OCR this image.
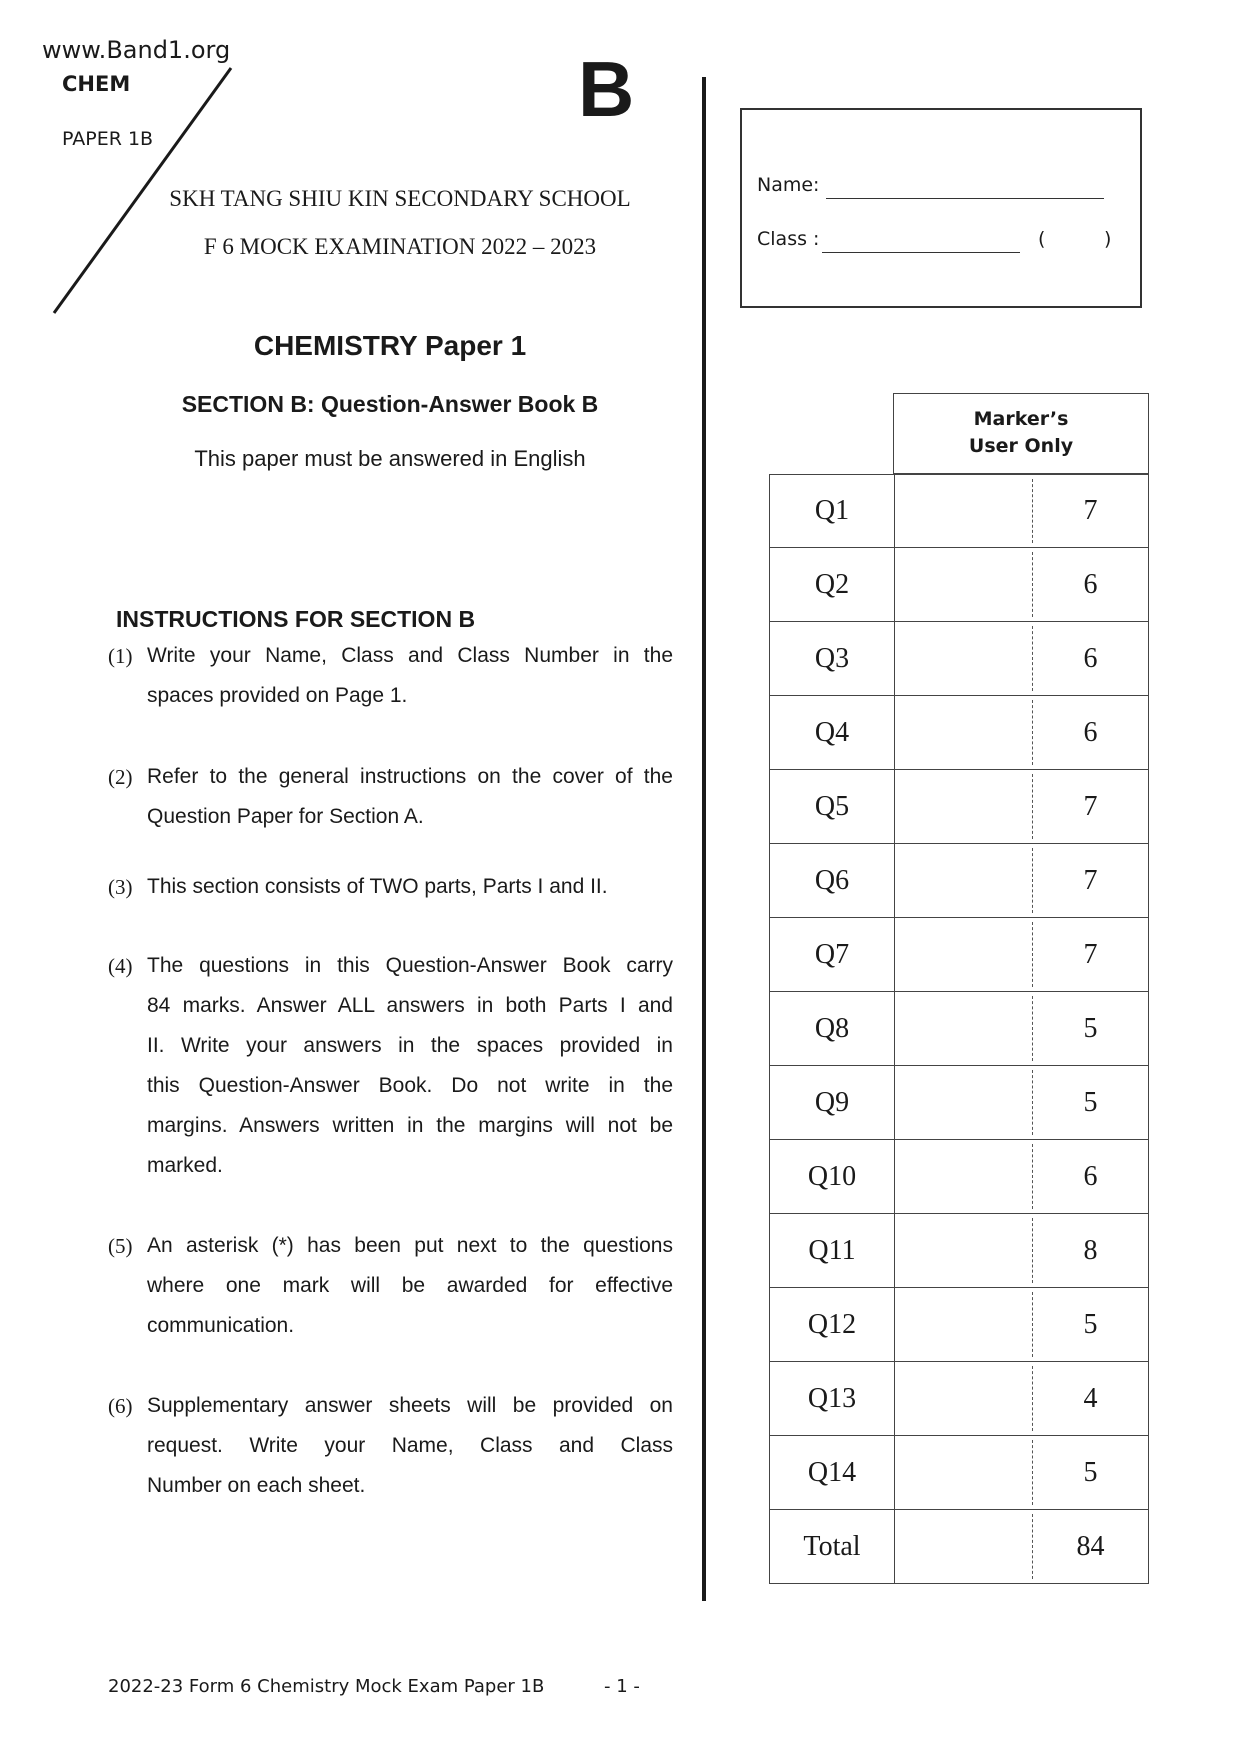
www.Band1.org
CHEM
PAPER 1B
B
SKH TANG SHIU KIN SECONDARY SCHOOL
F 6 MOCK EXAMINATION 2022 – 2023
CHEMISTRY Paper 1
SECTION B: Question-Answer Book B
This paper must be answered in English
Name:
Class :	(	)
Marker’s
User Only
Q1	7
Q2	6
Q3	6
Q4	6
Q5	7
Q6	7
Q7	7
Q8	5
Q9	5
Q10	6
Q11	8
Q12	5
Q13	4
Q14	5
Total	84
INSTRUCTIONS FOR SECTION B
(1) Write your Name, Class and Class Number in the
spaces provided on Page 1.
(2) Refer to the general instructions on the cover of the
Question Paper for Section A.
(3) This section consists of TWO parts, Parts I and II.
(4) The questions in this Question-Answer Book carry
84 marks. Answer ALL answers in both Parts I and
II. Write your answers in the spaces provided in
this Question-Answer Book. Do not write in the
margins. Answers written in the margins will not be
marked.
(5) An asterisk (*) has been put next to the questions
where one mark will be awarded for effective
communication.
(6) Supplementary answer sheets will be provided on
request. Write your Name, Class and Class
Number on each sheet.
2022-23 Form 6 Chemistry Mock Exam Paper 1B	- 1 -
